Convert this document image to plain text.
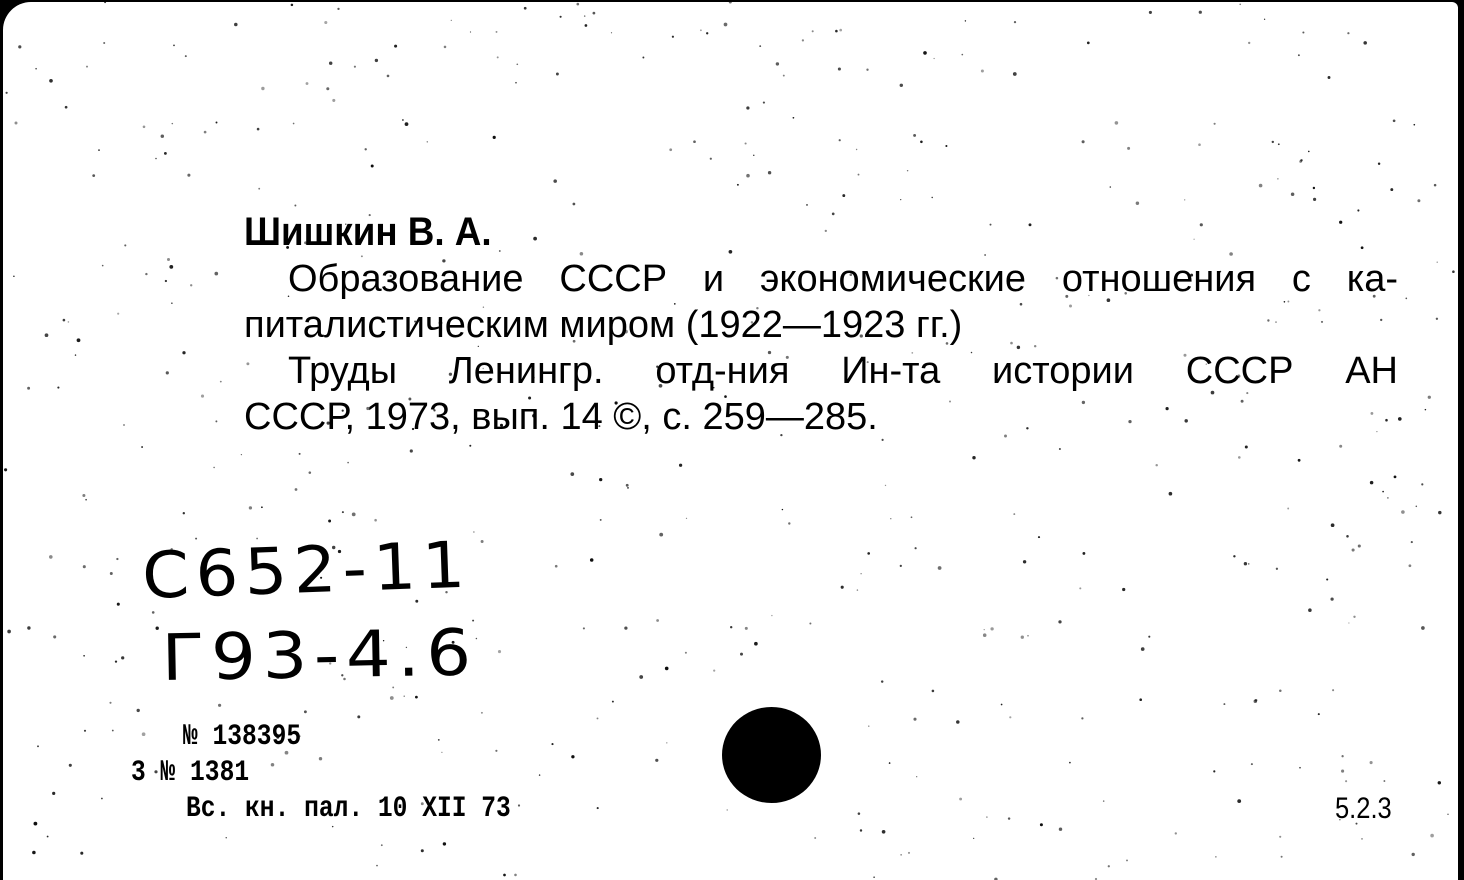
Шишкин В. А.
Образование СССР и экономические отношения с ка-
питалистическим миром (1922—1923 гг.)
Труды Ленингр. отд-ния Ин-та истории СССР АН
СССР, 1973, вып. 14 ©, с. 259—285.
C652-11
Г93-4.6
№ 138395
3 № 1381
Вс. кн. пал. 10 XII 73	5.2.3
